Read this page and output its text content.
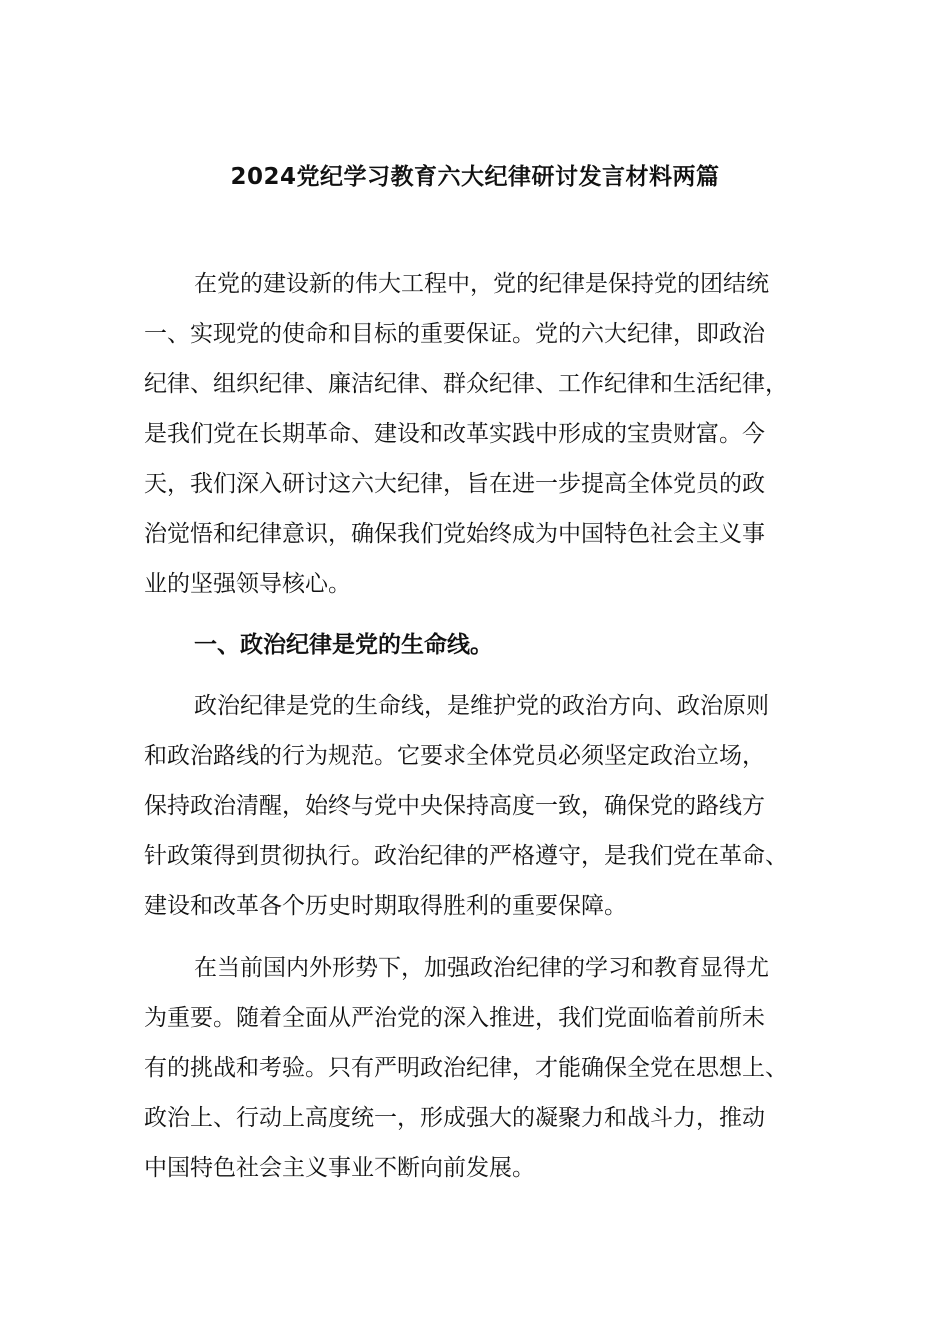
2024党纪学习教育六大纪律研讨发言材料两篇
在党的建设新的伟大工程中，党的纪律是保持党的团结统
一、实现党的使命和目标的重要保证。党的六大纪律，即政治
纪律、组织纪律、廉洁纪律、群众纪律、工作纪律和生活纪律，
是我们党在长期革命、建设和改革实践中形成的宝贵财富。今
天，我们深入研讨这六大纪律，旨在进一步提高全体党员的政
治觉悟和纪律意识，确保我们党始终成为中国特色社会主义事
业的坚强领导核心。
一、政治纪律是党的生命线。
政治纪律是党的生命线，是维护党的政治方向、政治原则
和政治路线的行为规范。它要求全体党员必须坚定政治立场，
保持政治清醒，始终与党中央保持高度一致，确保党的路线方
针政策得到贯彻执行。政治纪律的严格遵守，是我们党在革命、
建设和改革各个历史时期取得胜利的重要保障。
在当前国内外形势下，加强政治纪律的学习和教育显得尤
为重要。随着全面从严治党的深入推进，我们党面临着前所未
有的挑战和考验。只有严明政治纪律，才能确保全党在思想上、
政治上、行动上高度统一，形成强大的凝聚力和战斗力，推动
中国特色社会主义事业不断向前发展。
